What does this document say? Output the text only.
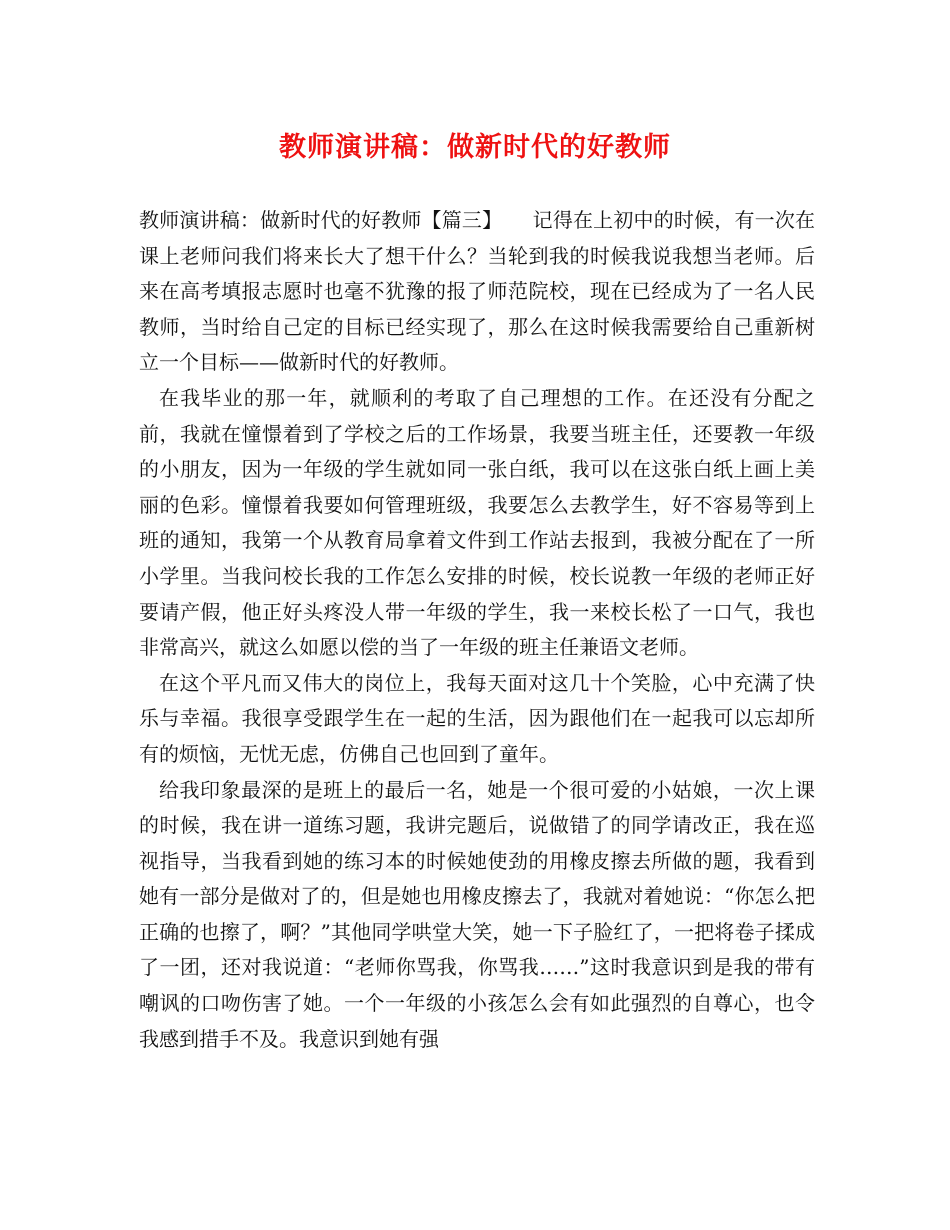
教师演讲稿：做新时代的好教师

教师演讲稿：做新时代的好教师【篇三】　　记得在上初中的时候，有一次在课上老师问我们将来长大了想干什么？当轮到我的时候我说我想当老师。后来在高考填报志愿时也毫不犹豫的报了师范院校，现在已经成为了一名人民教师，当时给自己定的目标已经实现了，那么在这时候我需要给自己重新树立一个目标——做新时代的好教师。

在我毕业的那一年，就顺利的考取了自己理想的工作。在还没有分配之前，我就在憧憬着到了学校之后的工作场景，我要当班主任，还要教一年级的小朋友，因为一年级的学生就如同一张白纸，我可以在这张白纸上画上美丽的色彩。憧憬着我要如何管理班级，我要怎么去教学生，好不容易等到上班的通知，我第一个从教育局拿着文件到工作站去报到，我被分配在了一所小学里。当我问校长我的工作怎么安排的时候，校长说教一年级的老师正好要请产假，他正好头疼没人带一年级的学生，我一来校长松了一口气，我也非常高兴，就这么如愿以偿的当了一年级的班主任兼语文老师。

在这个平凡而又伟大的岗位上，我每天面对这几十个笑脸，心中充满了快乐与幸福。我很享受跟学生在一起的生活，因为跟他们在一起我可以忘却所有的烦恼，无忧无虑，仿佛自己也回到了童年。

给我印象最深的是班上的最后一名，她是一个很可爱的小姑娘，一次上课的时候，我在讲一道练习题，我讲完题后，说做错了的同学请改正，我在巡视指导，当我看到她的练习本的时候她使劲的用橡皮擦去所做的题，我看到她有一部分是做对了的，但是她也用橡皮擦去了，我就对着她说：“你怎么把正确的也擦了，啊？”其他同学哄堂大笑，她一下子脸红了，一把将卷子揉成了一团，还对我说道：“老师你骂我，你骂我……”这时我意识到是我的带有嘲讽的口吻伤害了她。一个一年级的小孩怎么会有如此强烈的自尊心，也令我感到措手不及。我意识到她有强
